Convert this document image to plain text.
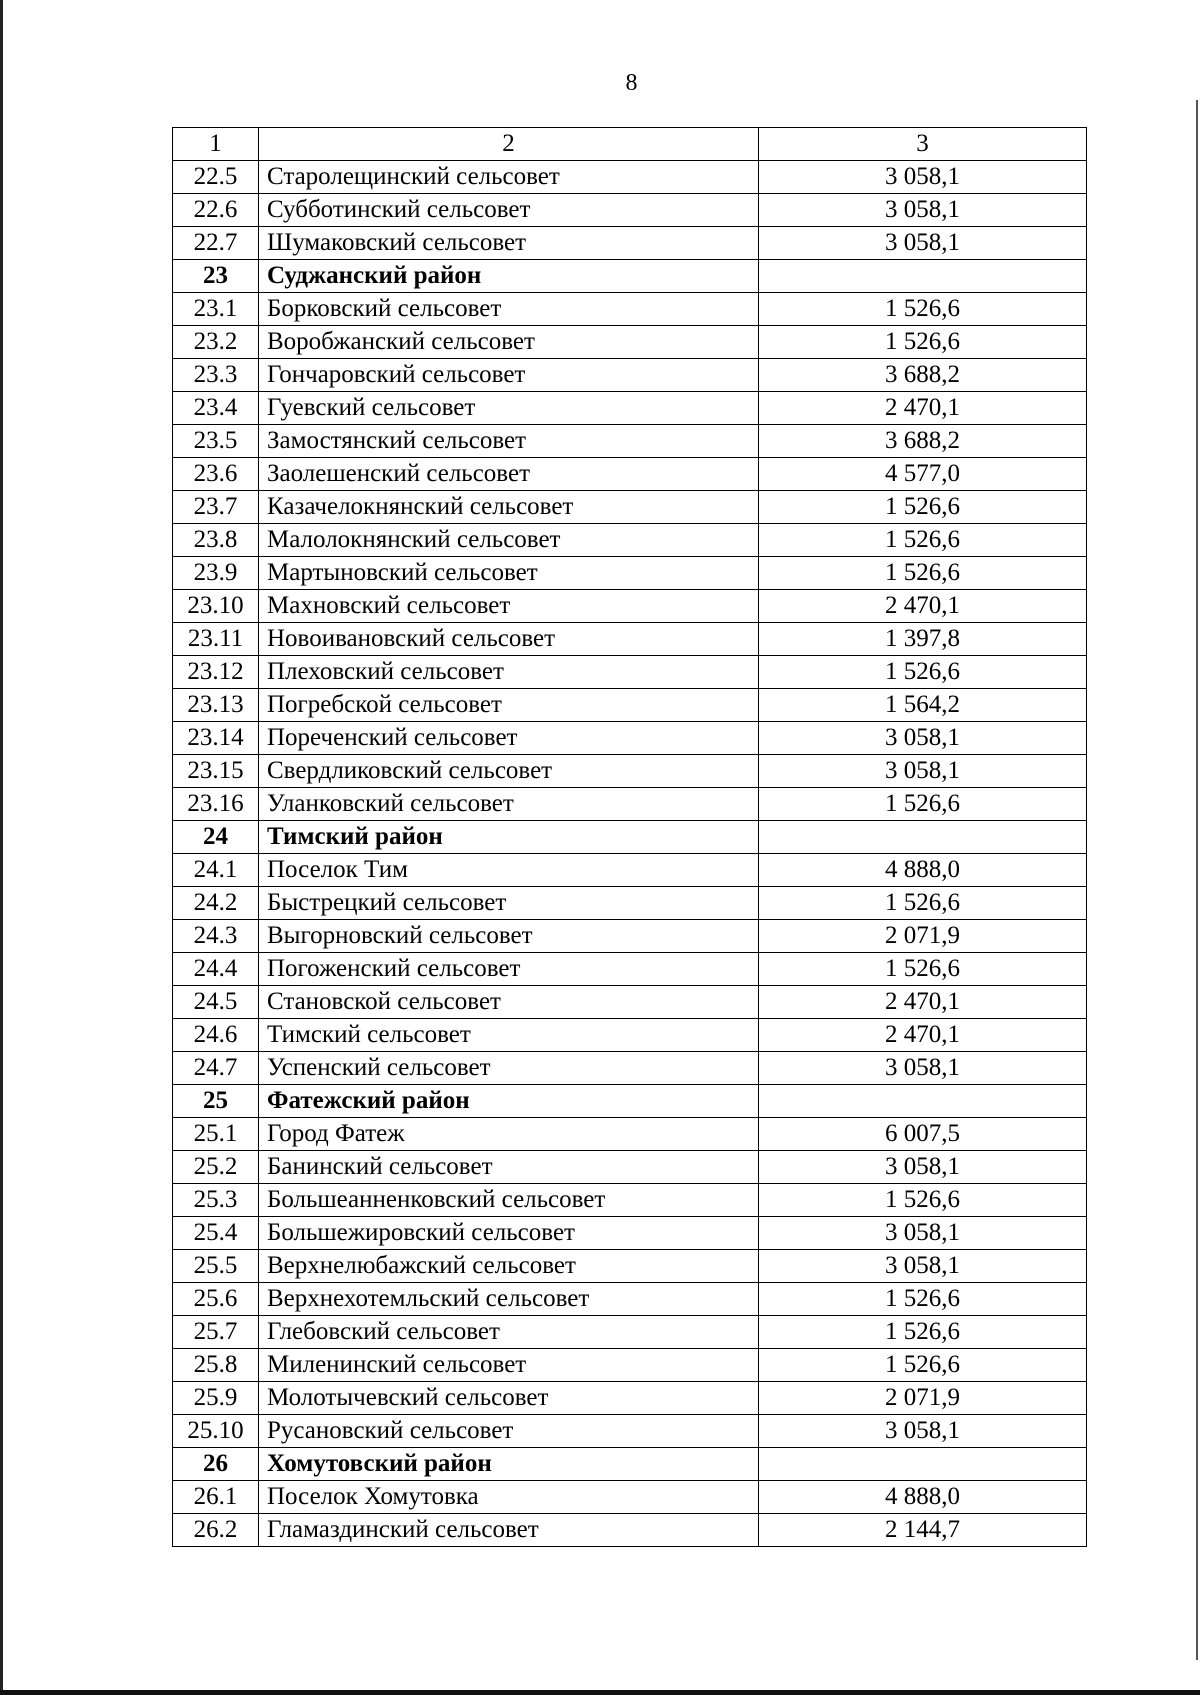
8
1	2	3
22.5	Старолещинский сельсовет	3 058,1
22.6	Субботинский сельсовет	3 058,1
22.7	Шумаковский сельсовет	3 058,1
23	Суджанский район	
23.1	Борковский сельсовет	1 526,6
23.2	Воробжанский сельсовет	1 526,6
23.3	Гончаровский сельсовет	3 688,2
23.4	Гуевский сельсовет	2 470,1
23.5	Замостянский сельсовет	3 688,2
23.6	Заолешенский сельсовет	4 577,0
23.7	Казачелокнянский сельсовет	1 526,6
23.8	Малолокнянский сельсовет	1 526,6
23.9	Мартыновский сельсовет	1 526,6
23.10	Махновский сельсовет	2 470,1
23.11	Новоивановский сельсовет	1 397,8
23.12	Плеховский сельсовет	1 526,6
23.13	Погребской сельсовет	1 564,2
23.14	Пореченский сельсовет	3 058,1
23.15	Свердликовский сельсовет	3 058,1
23.16	Уланковский сельсовет	1 526,6
24	Тимский район	
24.1	Поселок Тим	4 888,0
24.2	Быстрецкий сельсовет	1 526,6
24.3	Выгорновский сельсовет	2 071,9
24.4	Погоженский сельсовет	1 526,6
24.5	Становской сельсовет	2 470,1
24.6	Тимский сельсовет	2 470,1
24.7	Успенский сельсовет	3 058,1
25	Фатежский район	
25.1	Город Фатеж	6 007,5
25.2	Банинский сельсовет	3 058,1
25.3	Большеанненковский сельсовет	1 526,6
25.4	Большежировский сельсовет	3 058,1
25.5	Верхнелюбажский сельсовет	3 058,1
25.6	Верхнехотемльский сельсовет	1 526,6
25.7	Глебовский сельсовет	1 526,6
25.8	Миленинский сельсовет	1 526,6
25.9	Молотычевский сельсовет	2 071,9
25.10	Русановский сельсовет	3 058,1
26	Хомутовский район	
26.1	Поселок Хомутовка	4 888,0
26.2	Гламаздинский сельсовет	2 144,7
